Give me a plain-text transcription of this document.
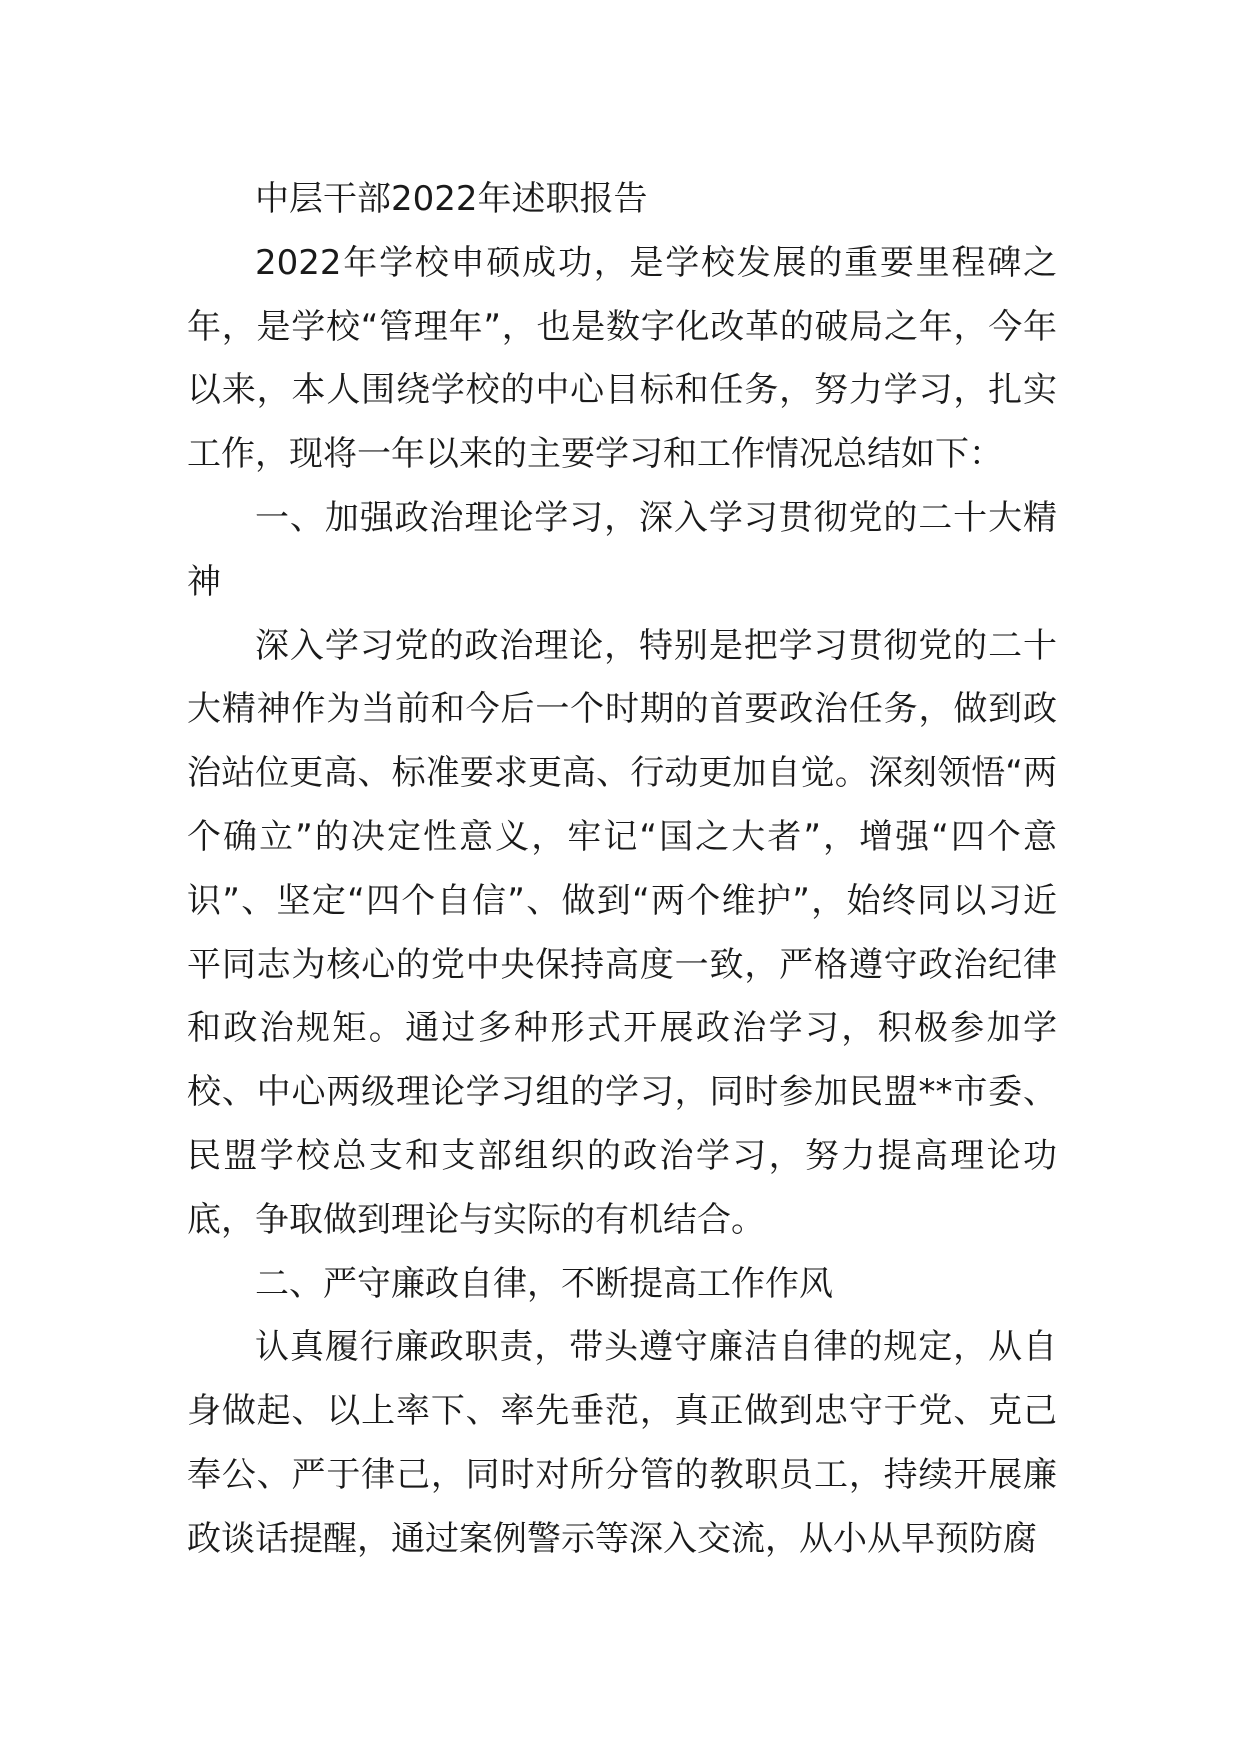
中层干部2022年述职报告

2022年学校申硕成功，是学校发展的重要里程碑之年，是学校“管理年”，也是数字化改革的破局之年，今年以来，本人围绕学校的中心目标和任务，努力学习，扎实工作，现将一年以来的主要学习和工作情况总结如下：

一、加强政治理论学习，深入学习贯彻党的二十大精神

深入学习党的政治理论，特别是把学习贯彻党的二十大精神作为当前和今后一个时期的首要政治任务，做到政治站位更高、标准要求更高、行动更加自觉。深刻领悟“两个确立”的决定性意义，牢记“国之大者”，增强“四个意识”、坚定“四个自信”、做到“两个维护”，始终同以习近平同志为核心的党中央保持高度一致，严格遵守政治纪律和政治规矩。通过多种形式开展政治学习，积极参加学校、中心两级理论学习组的学习，同时参加民盟**市委、民盟学校总支和支部组织的政治学习，努力提高理论功底，争取做到理论与实际的有机结合。

二、严守廉政自律，不断提高工作作风

认真履行廉政职责，带头遵守廉洁自律的规定，从自身做起、以上率下、率先垂范，真正做到忠守于党、克己奉公、严于律己，同时对所分管的教职员工，持续开展廉政谈话提醒，通过案例警示等深入交流，从小从早预防腐
